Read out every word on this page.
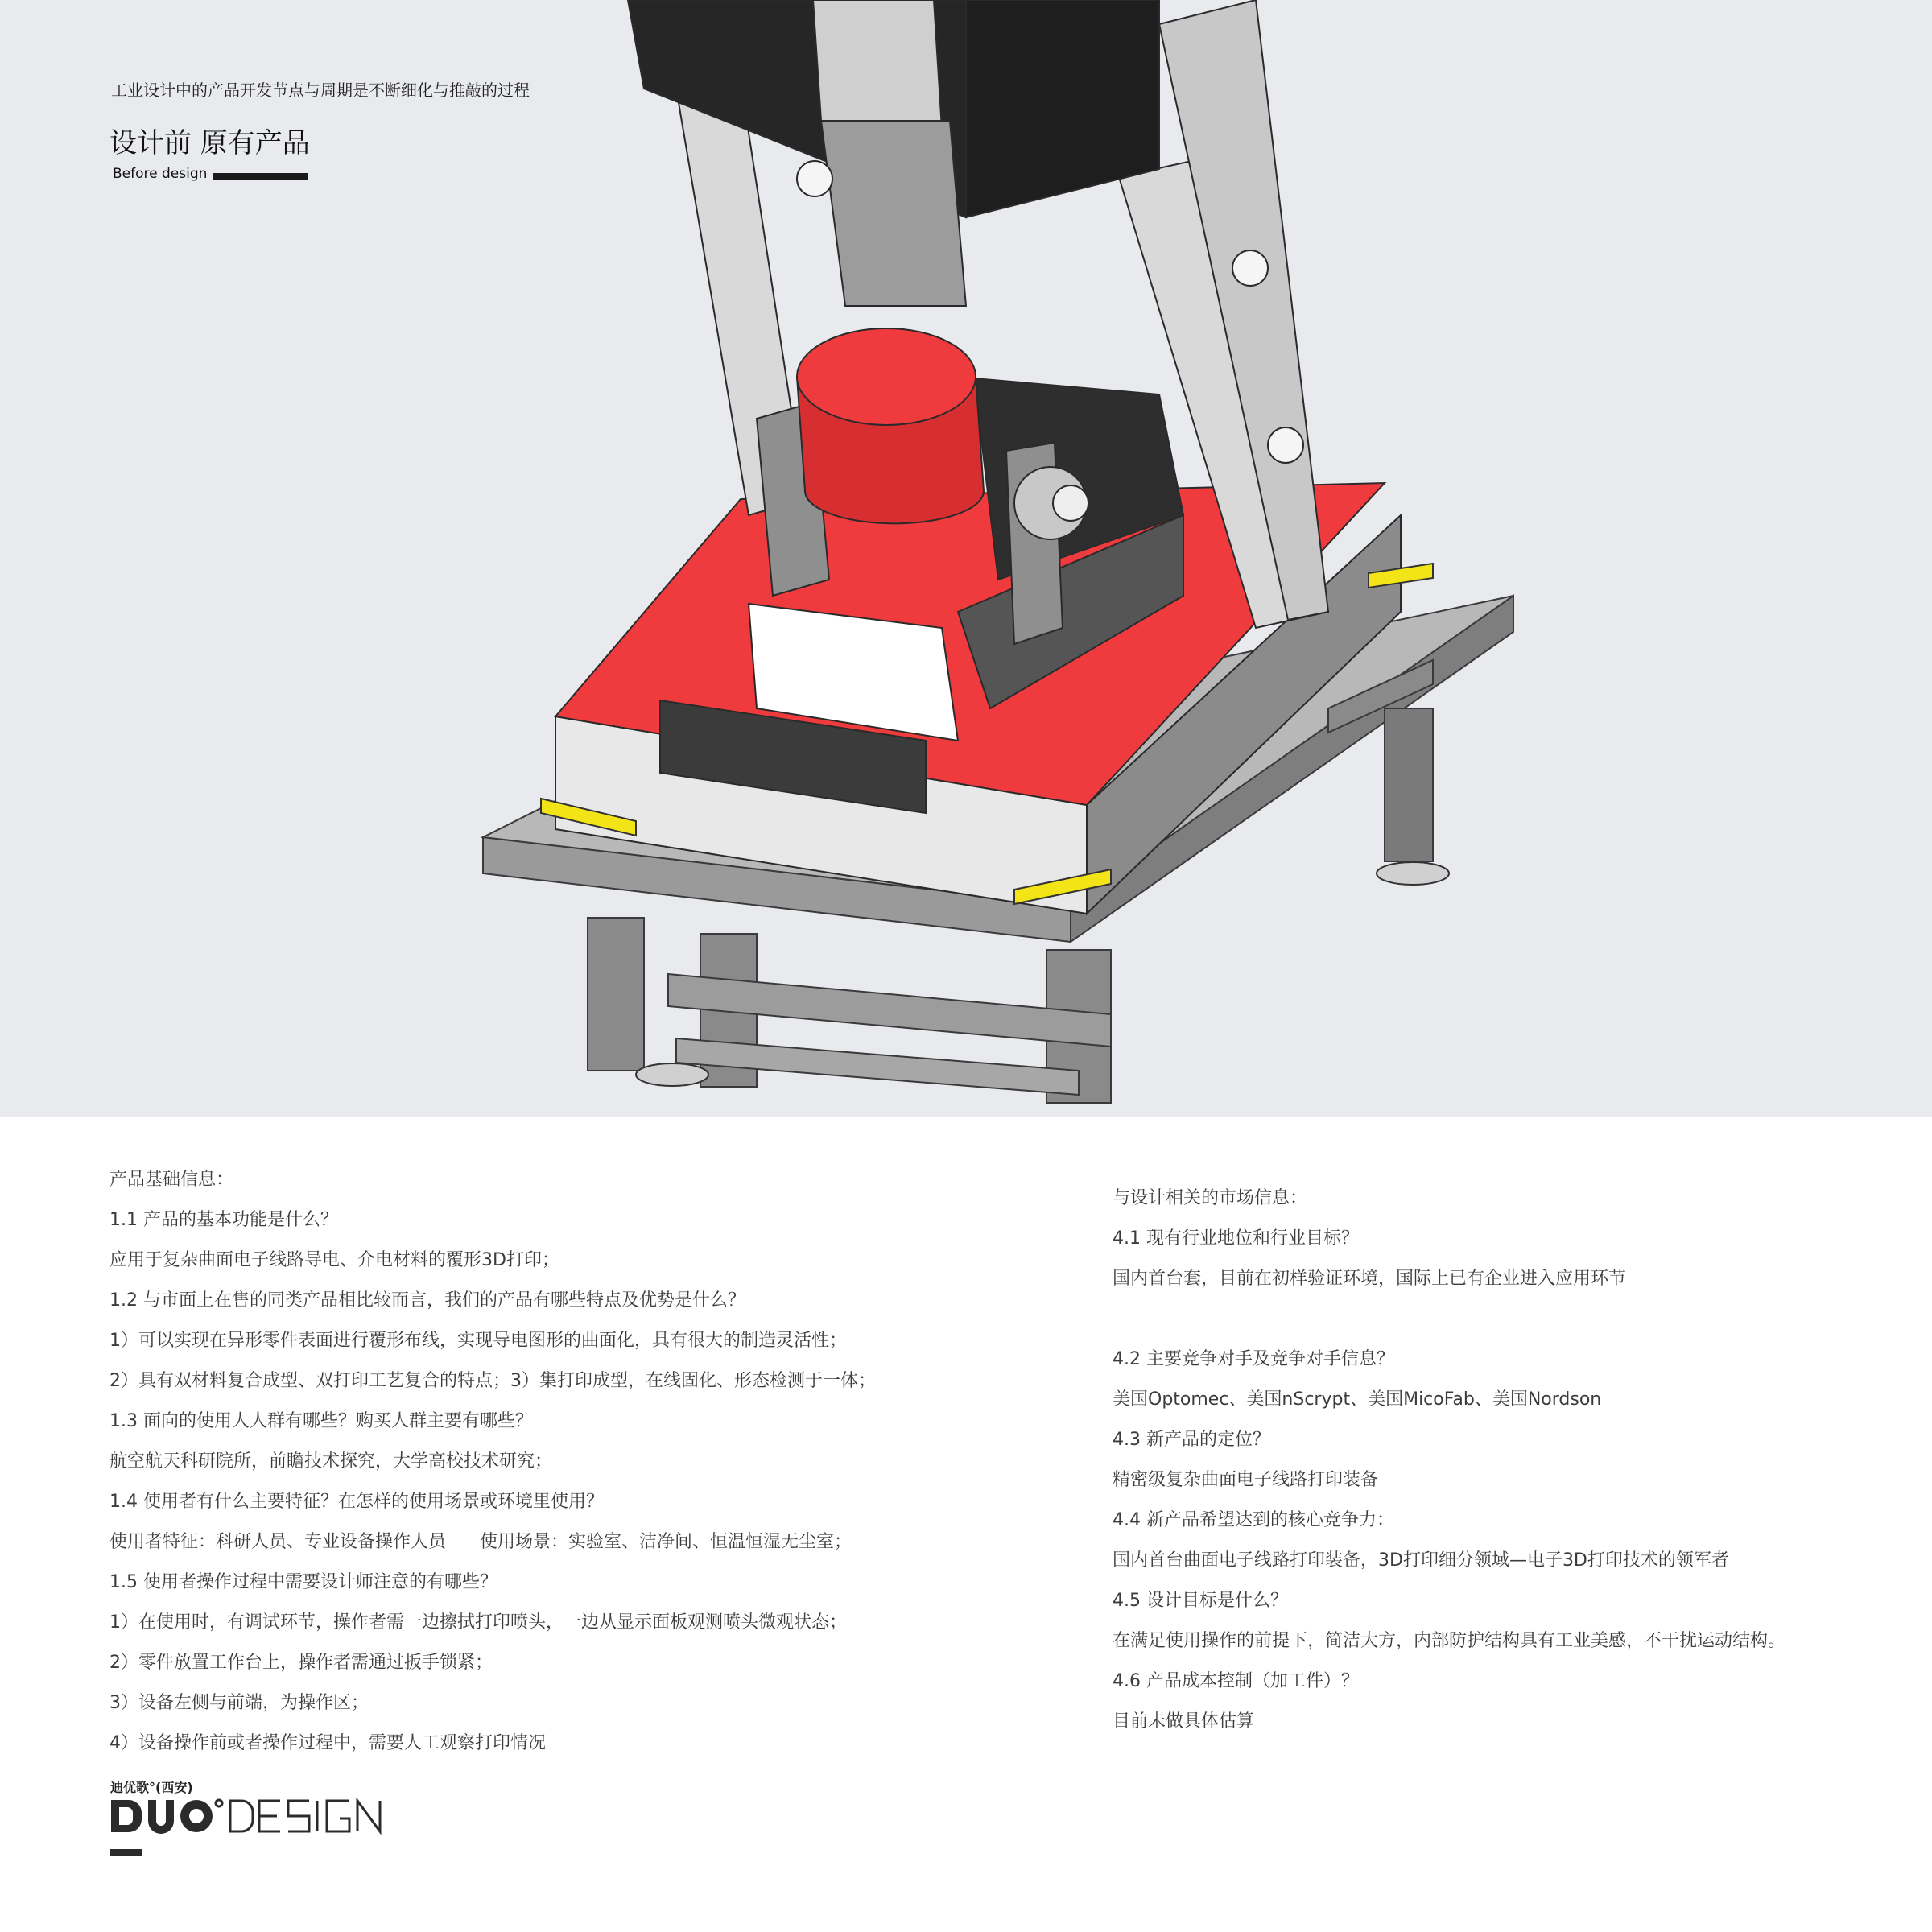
工业设计中的产品开发节点与周期是不断细化与推敲的过程
设计前 原有产品
Before design
产品基础信息：
1.1 产品的基本功能是什么？
应用于复杂曲面电子线路导电、介电材料的覆形3D打印；
1.2 与市面上在售的同类产品相比较而言，我们的产品有哪些特点及优势是什么？
1）可以实现在异形零件表面进行覆形布线，实现导电图形的曲面化，具有很大的制造灵活性；
2）具有双材料复合成型、双打印工艺复合的特点；3）集打印成型，在线固化、形态检测于一体；
1.3 面向的使用人人群有哪些？购买人群主要有哪些？
航空航天科研院所，前瞻技术探究，大学高校技术研究；
1.4 使用者有什么主要特征？在怎样的使用场景或环境里使用？
使用者特征：科研人员、专业设备操作人员      使用场景：实验室、洁净间、恒温恒湿无尘室；
1.5 使用者操作过程中需要设计师注意的有哪些？
1）在使用时，有调试环节，操作者需一边擦拭打印喷头，一边从显示面板观测喷头微观状态；
2）零件放置工作台上，操作者需通过扳手锁紧；
3）设备左侧与前端，为操作区；
4）设备操作前或者操作过程中，需要人工观察打印情况
与设计相关的市场信息：
4.1 现有行业地位和行业目标？
国内首台套，目前在初样验证环境，国际上已有企业进入应用环节
4.2 主要竞争对手及竞争对手信息？
美国Optomec、美国nScrypt、美国MicoFab、美国Nordson
4.3 新产品的定位？
精密级复杂曲面电子线路打印装备
4.4 新产品希望达到的核心竞争力：
国内首台曲面电子线路打印装备，3D打印细分领域—电子3D打印技术的领军者
4.5 设计目标是什么？
在满足使用操作的前提下，简洁大方，内部防护结构具有工业美感，不干扰运动结构。
4.6 产品成本控制（加工件）？
目前未做具体估算
迪优歌°(西安)
